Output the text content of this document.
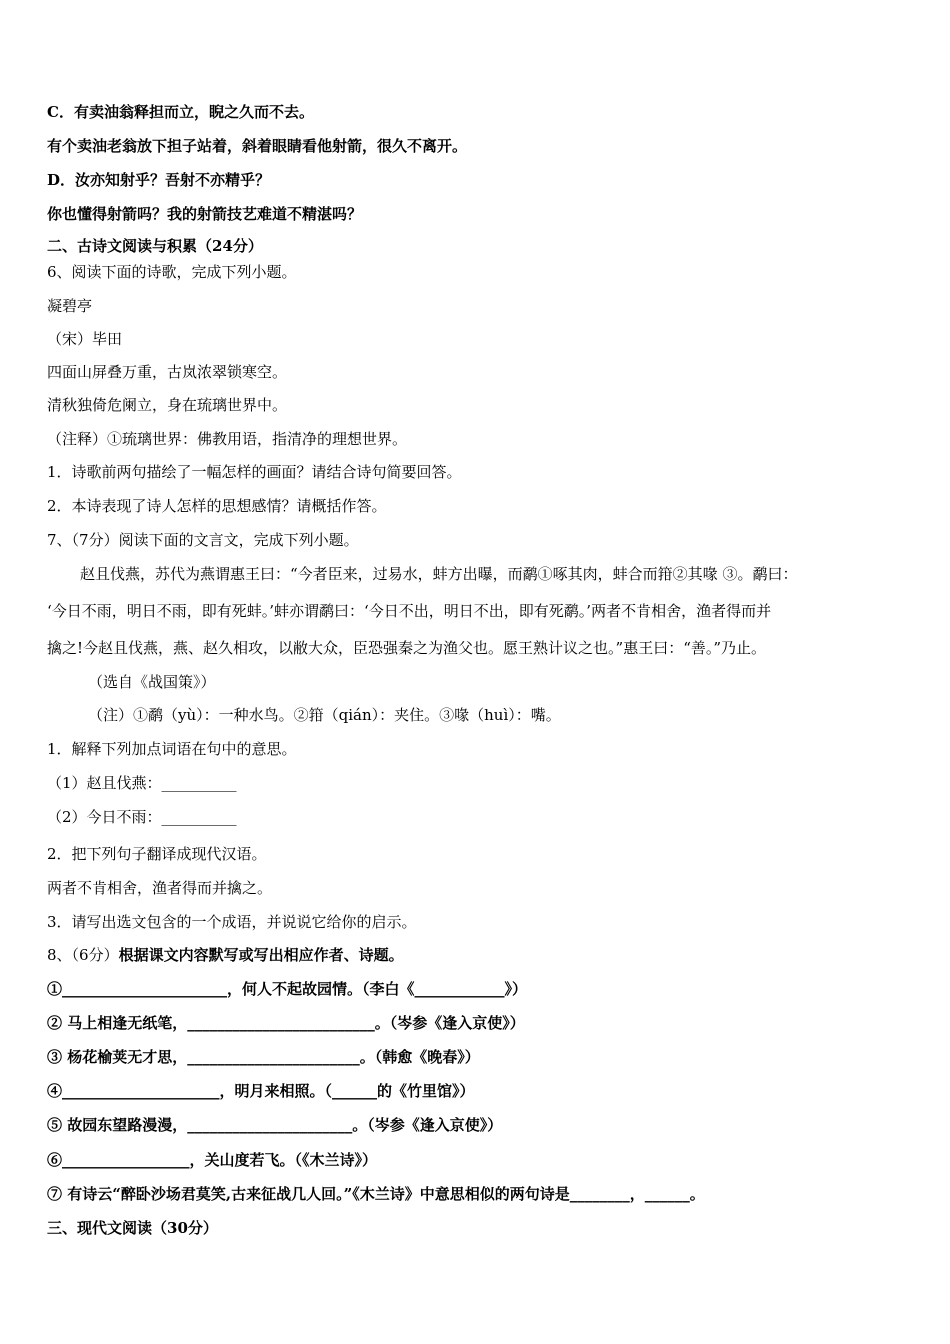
C．有卖油翁释担而立，睨之久而不去。
有个卖油老翁放下担子站着，斜着眼睛看他射箭，很久不离开。
D．汝亦知射乎？吾射不亦精乎？
你也懂得射箭吗？我的射箭技艺难道不精湛吗？
二、古诗文阅读与积累（24分）
6、阅读下面的诗歌，完成下列小题。
凝碧亭
（宋）毕田
四面山屏叠万重，古岚浓翠锁寒空。
清秋独倚危阑立，身在琉璃世界中。
（注释）①琉璃世界：佛教用语，指清净的理想世界。
1．诗歌前两句描绘了一幅怎样的画面？请结合诗句简要回答。
2．本诗表现了诗人怎样的思想感情？请概括作答。
7、（7分）阅读下面的文言文，完成下列小题。
赵且伐燕，苏代为燕谓惠王曰：“今者臣来，过易水，蚌方出曝，而鹬①啄其肉，蚌合而箝②其喙 ③。鹬曰：
‘今日不雨，明日不雨，即有死蚌。’蚌亦谓鹬曰：‘今日不出，明日不出，即有死鹬。’两者不肯相舍，渔者得而并
擒之!今赵且伐燕，燕、赵久相攻，以敝大众，臣恐强秦之为渔父也。愿王熟计议之也。”惠王曰：“善。”乃止。
（选自《战国策》）
（注）①鹬（yù）：一种水鸟。②箝（qián）：夹住。③喙（huì）：嘴。
1．解释下列加点词语在句中的意思。
（1）赵且伐燕：__________
（2）今日不雨：__________
2．把下列句子翻译成现代汉语。
两者不肯相舍，渔者得而并擒之。
3．请写出选文包含的一个成语，并说说它给你的启示。
8、（6分）根据课文内容默写或写出相应作者、诗题。
①______________________，何人不起故园情。（李白《____________》）
② 马上相逢无纸笔，_________________________。（岑参《逢入京使》）
③ 杨花榆荚无才思，_______________________。（韩愈《晚春》）
④_____________________，明月来相照。（______的《竹里馆》）
⑤ 故园东望路漫漫，______________________。（岑参《逢入京使》）
⑥_________________，关山度若飞。（《木兰诗》）
⑦ 有诗云“醉卧沙场君莫笑,古来征战几人回。”《木兰诗》中意思相似的两句诗是________，______。
三、现代文阅读（30分）
